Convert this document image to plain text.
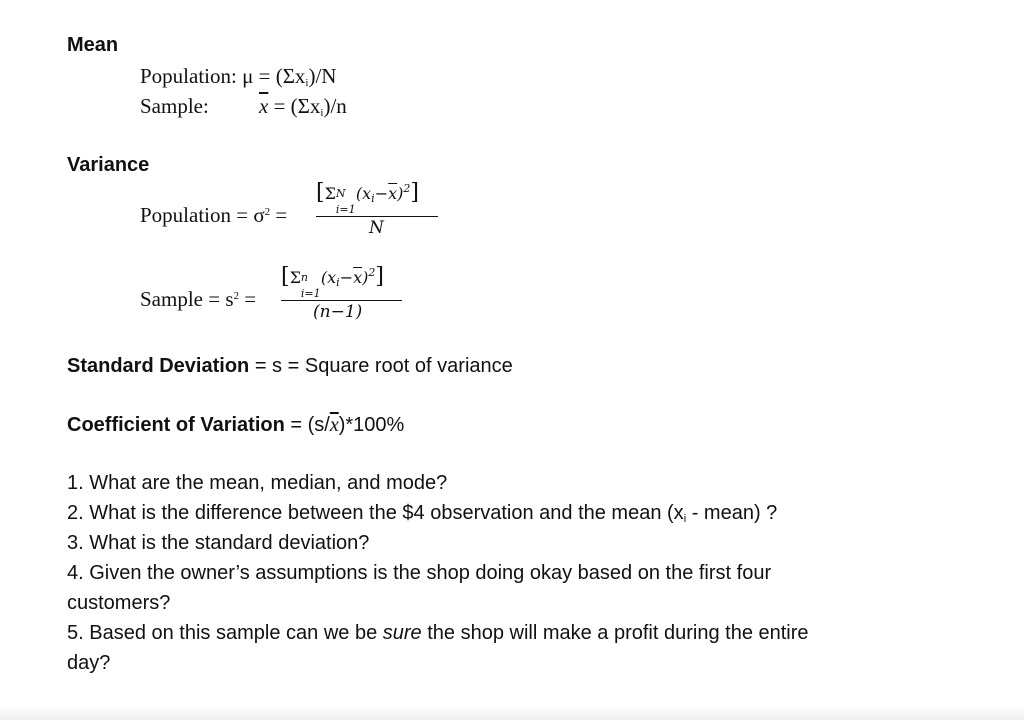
Mean
Population: $\mu = (\Sigma x_i)/N$
Sample: $\overline{x} = (\Sigma x_i)/n$
Variance
Population = $\sigma^2$ =
[Σ N
i=1
$(x_i-\overline{x})^2$]
N
Sample = $s^2$ =
[Σ n
i=1
$(x_i-\overline{x})^2$]
(n−1)
Standard Deviation = s = Square root of variance
Coefficient of Variation = $(s/\overline{x})*100\%$
1. What are the mean, median, and mode?
2. What is the difference between the $4 observation and the mean ($x_i$ - mean) ?
3. What is the standard deviation?
4. Given the owner’s assumptions is the shop doing okay based on the first four
customers?
5. Based on this sample can we be sure the shop will make a profit during the entire
day?
